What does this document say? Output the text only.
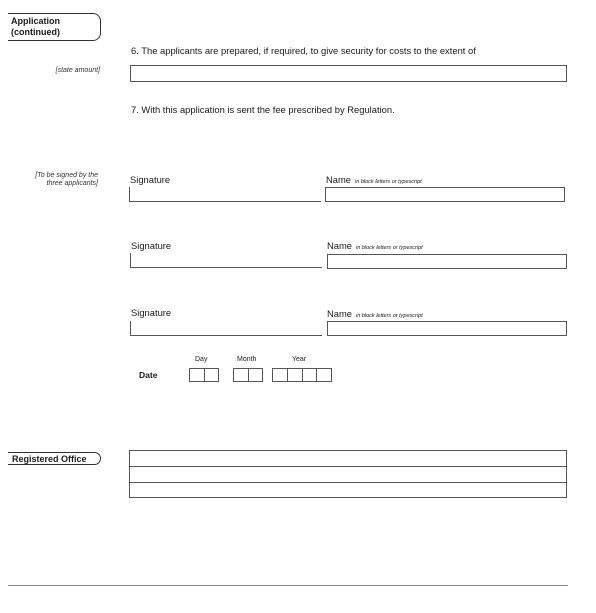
Application
(continued)
6. The applicants are prepared, if required, to give security for costs to the extent of
[state amount]
7. With this application is sent the fee prescribed by Regulation.
[To be signed by the
three applicants]	Signature	Name in block letters or typescript
Signature	Name in block letters or typescript
Signature	Name in block letters or typescript
Day	Month	Year
Date
Registered Office
